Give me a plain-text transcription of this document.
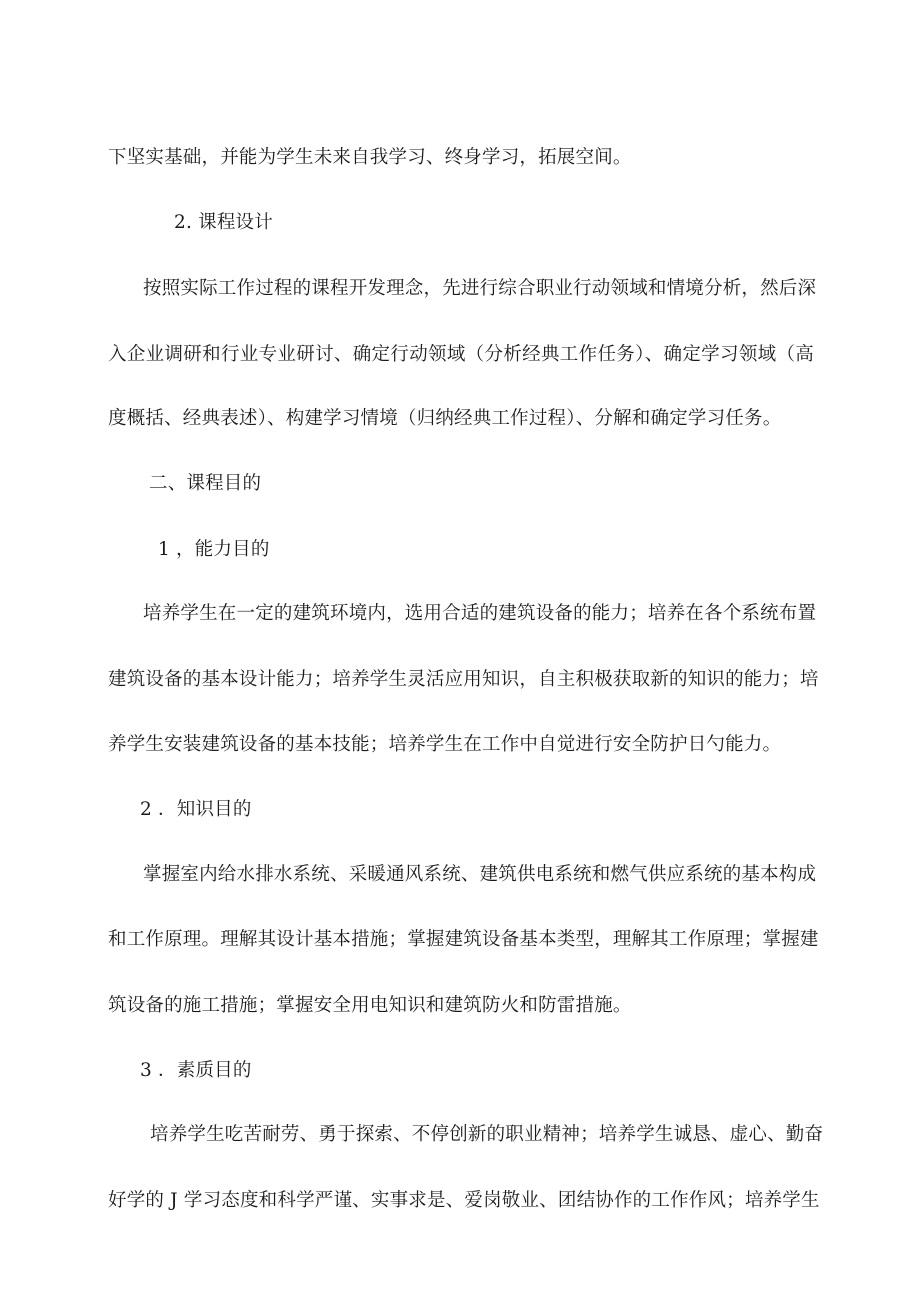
下坚实基础，并能为学生未来自我学习、终身学习，拓展空间。
2. 课程设计
按照实际工作过程的课程开发理念，先进行综合职业行动领域和情境分析，然后深
入企业调研和行业专业研讨、确定行动领域（分析经典工作任务）、确定学习领域（高
度概括、经典表述）、构建学习情境（归纳经典工作过程）、分解和确定学习任务。
二、课程目的
1 ，能力目的
培养学生在一定的建筑环境内，选用合适的建筑设备的能力；培养在各个系统布置
建筑设备的基本设计能力；培养学生灵活应用知识，自主积极获取新的知识的能力；培
养学生安装建筑设备的基本技能；培养学生在工作中自觉进行安全防护日勺能力。
2 ．知识目的
掌握室内给水排水系统、采暖通风系统、建筑供电系统和燃气供应系统的基本构成
和工作原理。理解其设计基本措施；掌握建筑设备基本类型，理解其工作原理；掌握建
筑设备的施工措施；掌握安全用电知识和建筑防火和防雷措施。
3 ．素质目的
培养学生吃苦耐劳、勇于探索、不停创新的职业精神；培养学生诚恳、虚心、勤奋
好学的 J 学习态度和科学严谨、实事求是、爱岗敬业、团结协作的工作作风；培养学生
